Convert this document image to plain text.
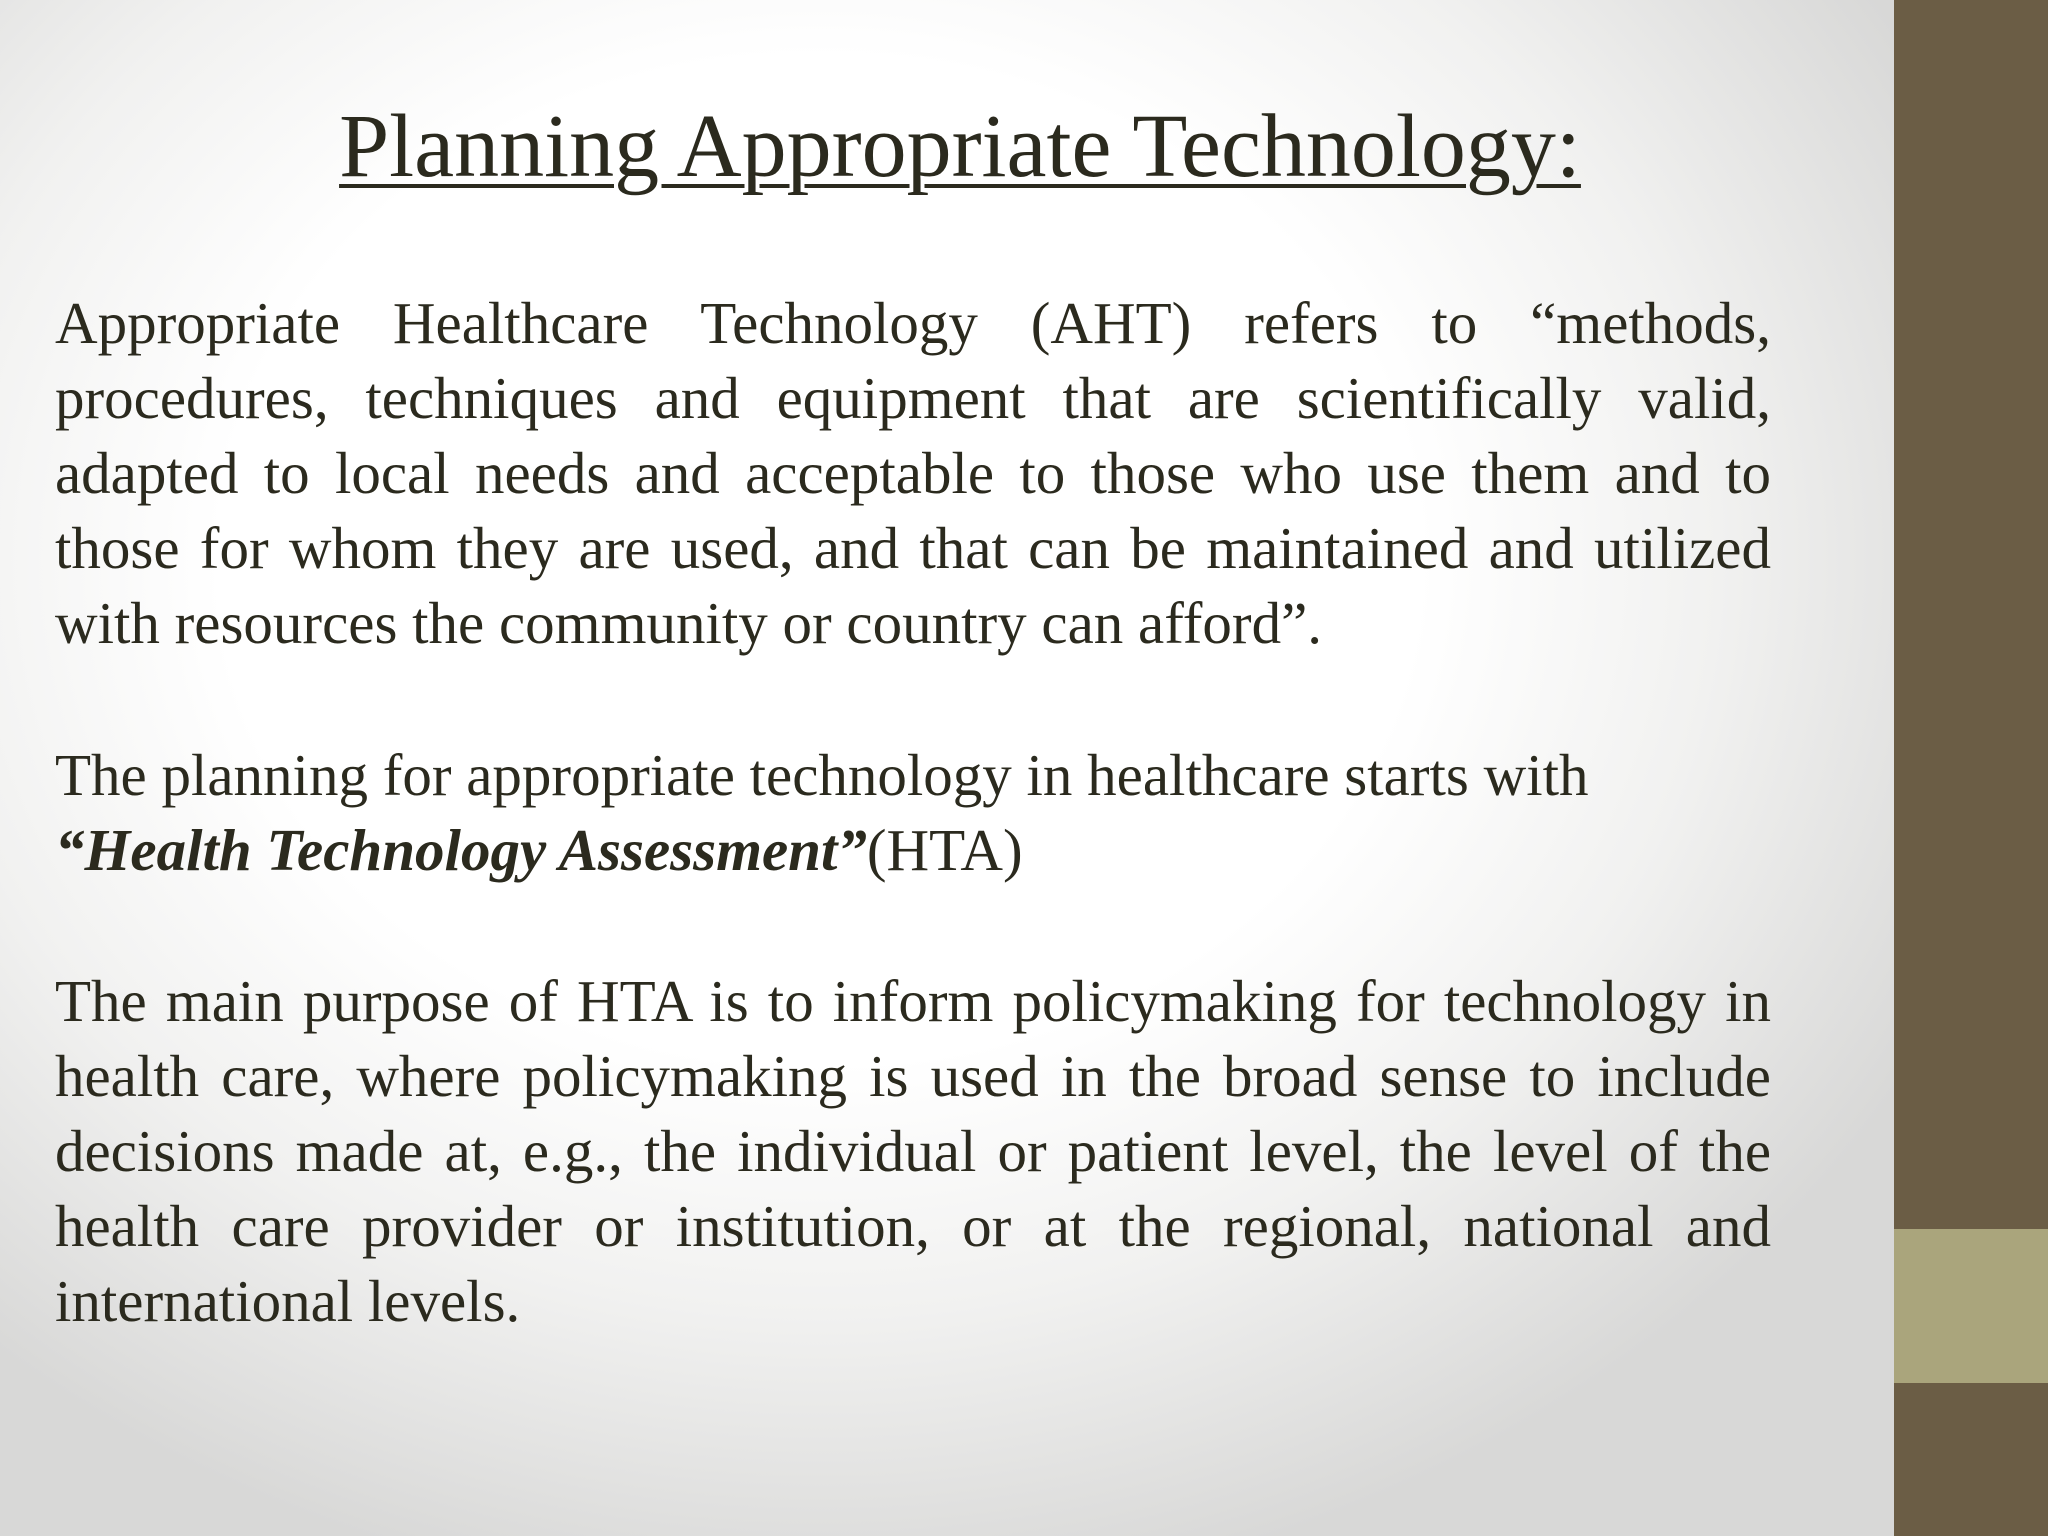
Planning Appropriate Technology:

Appropriate Healthcare Technology (AHT) refers to “methods, procedures, techniques and equipment that are scientifically valid, adapted to local needs and acceptable to those who use them and to those for whom they are used, and that can be maintained and utilized with resources the community or country can afford”.

The planning for appropriate technology in healthcare starts with
“Health Technology Assessment”(HTA)

The main purpose of HTA is to inform policymaking for technology in health care, where policymaking is used in the broad sense to include decisions made at, e.g., the individual or patient level, the level of the health care provider or institution, or at the regional, national and international levels.
